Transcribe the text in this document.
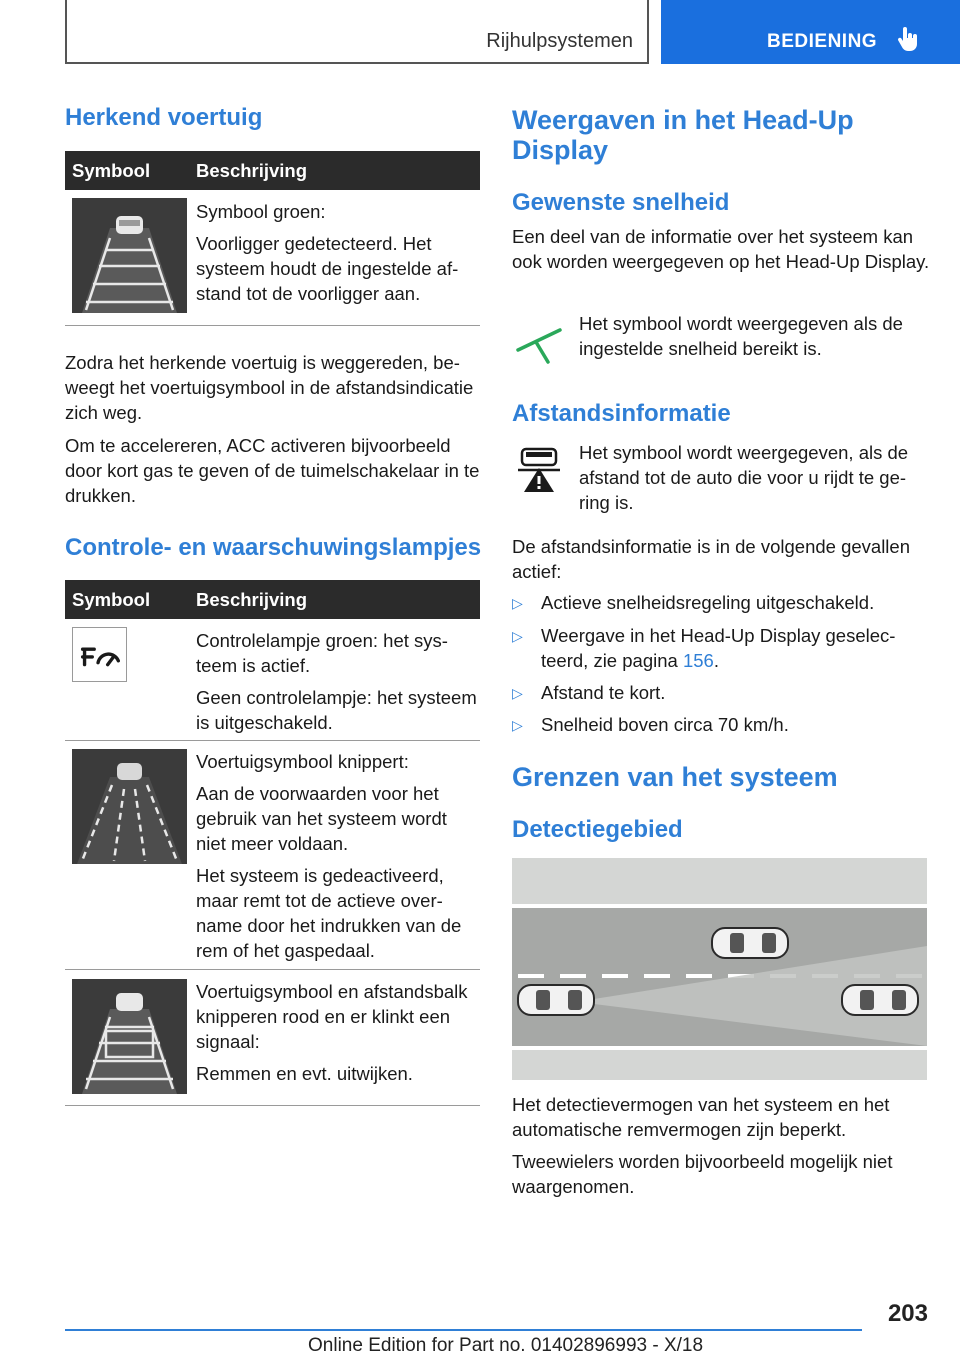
Rijhulpsystemen	BEDIENING
Herkend voertuig
Symbool Beschrijving
Symbool groen:
Voorligger gedetecteerd. Het systeem houdt de ingestelde afstand tot de voorligger aan.
Zodra het herkende voertuig is weggereden, beweegt het voertuigsymbool in de afstandsindicatie zich weg.
Om te accelereren, ACC activeren bijvoorbeeld door kort gas te geven of de tuimelschakelaar in te drukken.
Controle- en waarschuwingslampjes
Symbool Beschrijving
Controlelampje groen: het systeem is actief.
Geen controlelampje: het systeem is uitgeschakeld.
Voertuigsymbool knippert:
Aan de voorwaarden voor het gebruik van het systeem wordt niet meer voldaan.
Het systeem is gedeactiveerd, maar remt tot de actieve overname door het indrukken van de rem of het gaspedaal.
Voertuigsymbool en afstandsbalk knipperen rood en er klinkt een signaal:
Remmen en evt. uitwijken.
Weergaven in het Head-Up Display
Gewenste snelheid
Een deel van de informatie over het systeem kan ook worden weergegeven op het Head-Up Display.
Het symbool wordt weergegeven als de ingestelde snelheid bereikt is.
Afstandsinformatie
Het symbool wordt weergegeven, als de afstand tot de auto die voor u rijdt te gering is.
De afstandsinformatie is in de volgende gevallen actief:
▷ Actieve snelheidsregeling uitgeschakeld.
▷ Weergave in het Head-Up Display geselecteerd, zie pagina 156.
▷ Afstand te kort.
▷ Snelheid boven circa 70 km/h.
Grenzen van het systeem
Detectiegebied
Het detectievermogen van het systeem en het automatische remvermogen zijn beperkt.
Tweewielers worden bijvoorbeeld mogelijk niet waargenomen.
203
Online Edition for Part no. 01402896993 - X/18
